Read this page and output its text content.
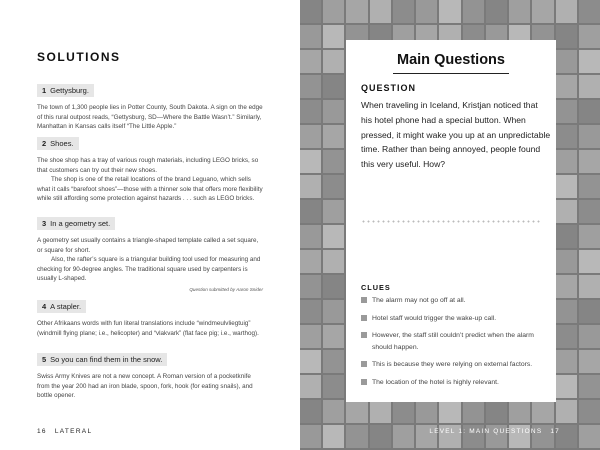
SOLUTIONS
1 Gettysburg.

The town of 1,300 people lies in Potter County, South Dakota. A sign on the edge of this rural outpost reads, “Gettysburg, SD—Where the Battle Wasn’t.” Similarly, Manhattan in Kansas calls itself “The Little Apple.”

2 Shoes.

The shoe shop has a tray of various rough materials, including LEGO bricks, so that customers can try out their new shoes.

The shop is one of the retail locations of the brand Leguano, which sells what it calls “barefoot shoes”—those with a thinner sole that offers more flexibility while still affording some protection against hazards . . . such as LEGO bricks.

3 In a geometry set.

A geometry set usually contains a triangle-shaped template called a set square, or square for short.

Also, the rafter’s square is a triangular building tool used for measuring and checking for 90-degree angles. The traditional square used by carpenters is usually L-shaped.

Question submitted by Aaron Snider
4 A stapler.

Other Afrikaans words with fun literal translations include “windmeulvliegtuig” (windmill flying plane; i.e., helicopter) and “vlakvark” (flat face pig; i.e., warthog).

5 So you can find them in the snow.

Swiss Army Knives are not a new concept. A Roman version of a pocketknife from the year 200 had an iron blade, spoon, fork, hook (for eating snails), and bottle opener.

16 LATERAL
Main Questions
QUESTION
When traveling in Iceland, Kristjan noticed that his hotel phone had a special button. When pressed, it might wake you up at an unpredictable time. Rather than being annoyed, people found this very useful. How?
CLUES
The alarm may not go off at all.
Hotel staff would trigger the wake-up call.
However, the staff still couldn’t predict when the alarm should happen.
This is because they were relying on external factors.
The location of the hotel is highly relevant.
LEVEL 1: MAIN QUESTIONS 17
